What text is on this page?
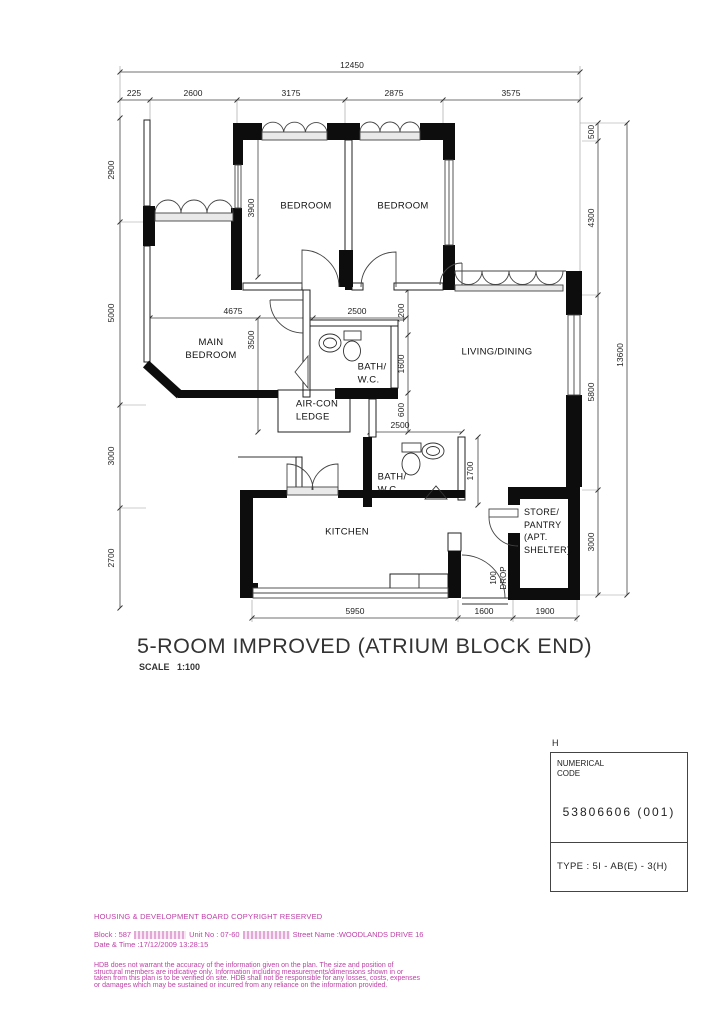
12450
225	2600	3175	2875	3575
2900
5000
3000
2700
500
4300
5800
3000
13600
5950	1600	1900
3900
4675
3500
2500	1200
1600
600
2500
1700
100 DROP
BEDROOM	BEDROOM
MAIN
BEDROOM	LIVING/DINING
BATH/
W.C.
AIR-CON
LEDGE
BATH/
W.C.
KITCHEN
STORE/
PANTRY
(APT.
SHELTER)
5-ROOM IMPROVED (ATRIUM BLOCK END)
SCALE   1:100
H
NUMERICAL
CODE
53806606 (001)
TYPE : 5I - AB(E) - 3(H)
HOUSING & DEVELOPMENT BOARD COPYRIGHT RESERVED
Block : 587	Unit No : 07-60	Street Name :WOODLANDS DRIVE 16
Date & Time :17/12/2009 13:28:15
HDB does not warrant the accuracy of the information given on the plan. The size and position of
structural members are indicative only. Information including measurements/dimensions shown in or
taken from this plan is to be verified on site. HDB shall not be responsible for any losses, costs, expenses
or damages which may be sustained or incurred from any reliance on the information provided.
